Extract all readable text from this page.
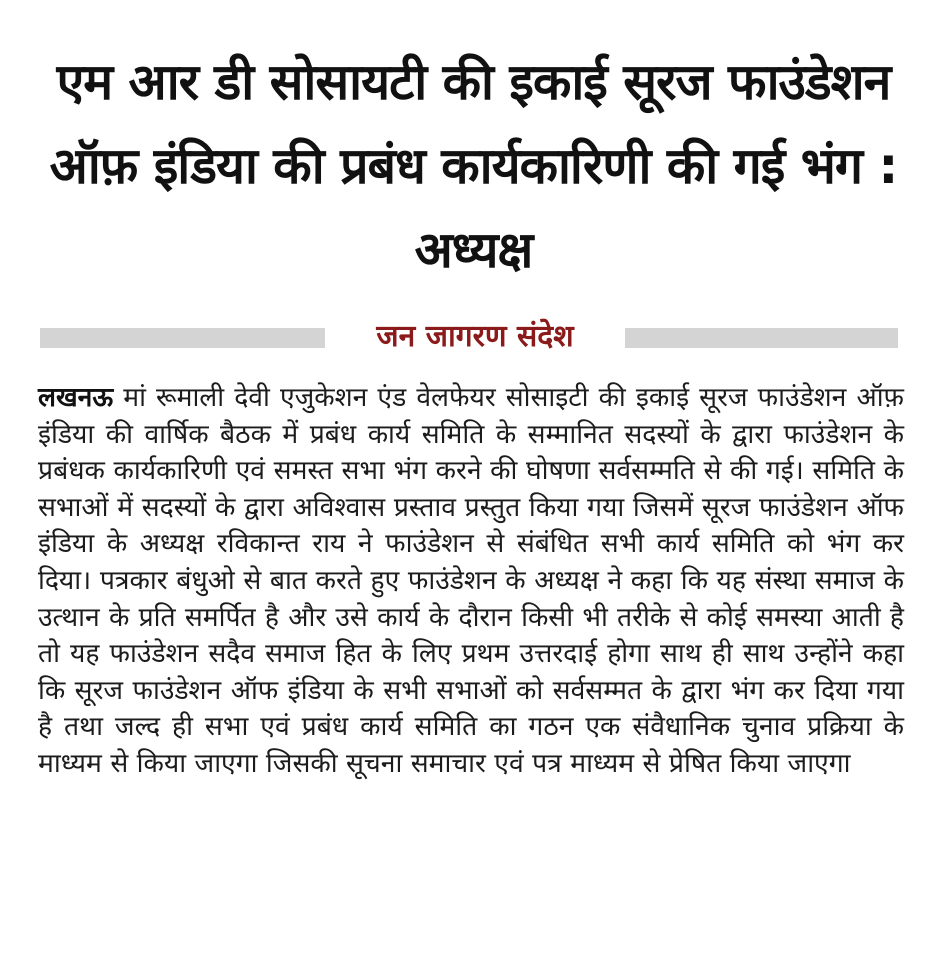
एम आर डी सोसायटी की इकाई सूरज फाउंडेशन ऑफ़ इंडिया की प्रबंध कार्यकारिणी की गई भंग : अध्यक्ष
जन जागरण संदेश

लखनऊ मां रूमाली देवी एजुकेशन एंड वेलफेयर सोसाइटी की इकाई सूरज फाउंडेशन ऑफ़ इंडिया की वार्षिक बैठक में प्रबंध कार्य समिति के सम्मानित सदस्यों के द्वारा फाउंडेशन के प्रबंधक कार्यकारिणी एवं समस्त सभा भंग करने की घोषणा सर्वसम्मति से की गई। समिति के सभाओं में सदस्यों के द्वारा अविश्वास प्रस्ताव प्रस्तुत किया गया जिसमें सूरज फाउंडेशन ऑफ इंडिया के अध्यक्ष रविकान्त राय ने फाउंडेशन से संबंधित सभी कार्य समिति को भंग कर दिया। पत्रकार बंधुओ से बात करते हुए फाउंडेशन के अध्यक्ष ने कहा कि यह संस्था समाज के उत्थान के प्रति समर्पित है और उसे कार्य के दौरान किसी भी तरीके से कोई समस्या आती है तो यह फाउंडेशन सदैव समाज हित के लिए प्रथम उत्तरदाई होगा साथ ही साथ उन्होंने कहा कि सूरज फाउंडेशन ऑफ इंडिया के सभी सभाओं को सर्वसम्मत के द्वारा भंग कर दिया गया है तथा जल्द ही सभा एवं प्रबंध कार्य समिति का गठन एक संवैधानिक चुनाव प्रक्रिया के माध्यम से किया जाएगा जिसकी सूचना समाचार एवं पत्र माध्यम से प्रेषित किया जाएगा
